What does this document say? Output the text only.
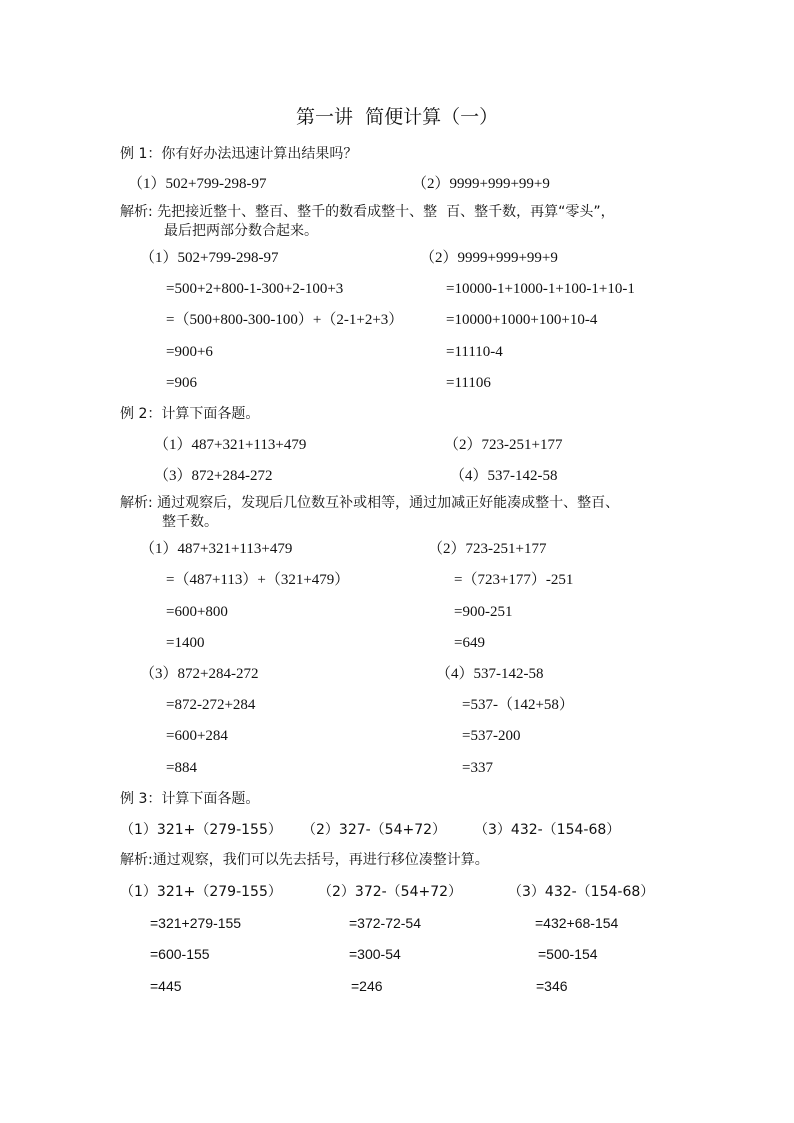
第一讲  简便计算（一）
例 1：你有好办法迅速计算出结果吗？
（1）502+799-298-97	（2）9999+999+99+9
解析: 先把接近整十、整百、整千的数看成整十、整  百、整千数，再算“零头”，
最后把两部分数合起来。
（1）502+799-298-97
=500+2+800-1-300+2-100+3
=（500+800-300-100）+（2-1+2+3）
=900+6
=906
（2）9999+999+99+9
=10000-1+1000-1+100-1+10-1
=10000+1000+100+10-4
=11110-4
=11106
例 2：计算下面各题。
（1）487+321+113+479	（2）723-251+177
（3）872+284-272	（4）537-142-58
解析: 通过观察后，发现后几位数互补或相等，通过加减正好能凑成整十、整百、
整千数。
（1）487+321+113+479
=（487+113）+（321+479）
=600+800
=1400
（2）723-251+177
=（723+177）-251
=900-251
=649
（3）872+284-272
=872-272+284
=600+284
=884
（4）537-142-58
=537-（142+58）
=537-200
=337
例 3：计算下面各题。
（1）321+（279-155） （2）327-（54+72） （3）432-（154-68）
解析:通过观察，我们可以先去括号，再进行移位凑整计算。
（1）321+（279-155）
=321+279-155
=600-155
=445
（2）372-（54+72）
=372-72-54
=300-54
=246
（3）432-（154-68）
=432+68-154
=500-154
=346
